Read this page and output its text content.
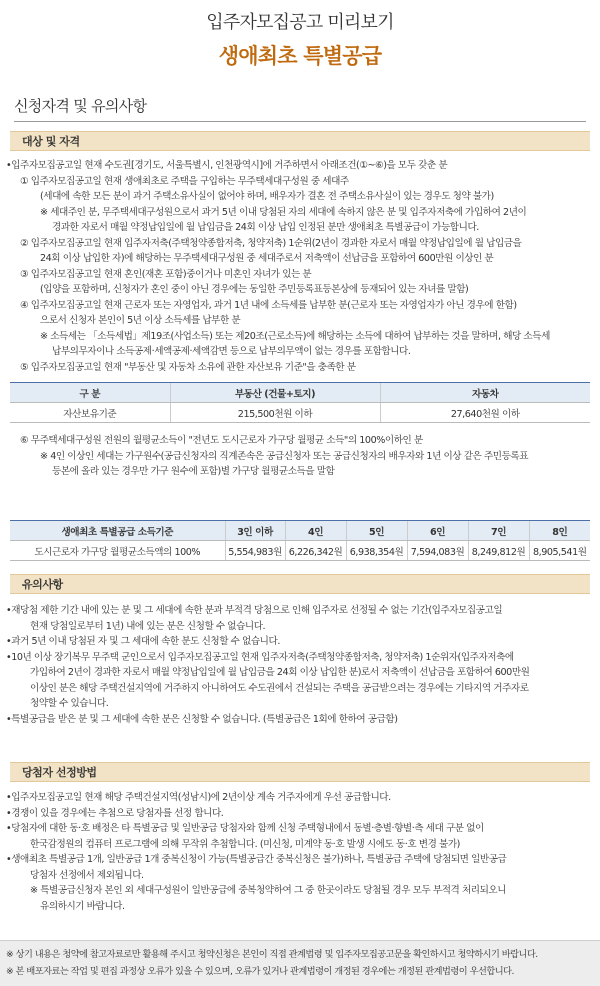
입주자모집공고 미리보기
생애최초 특별공급
신청자격 및 유의사항
대상 및 자격
•입주자모집공고일 현재 수도권[경기도, 서울특별시, 인천광역시]에 거주하면서 아래조건(①~⑥)을 모두 갖춘 분
① 입주자모집공고일 현재 생애최초로 주택을 구입하는 무주택세대구성원 중 세대주
(세대에 속한 모든 분이 과거 주택소유사실이 없어야 하며, 배우자가 결혼 전 주택소유사실이 있는 경우도 청약 불가)
※ 세대주인 분, 무주택세대구성원으로서 과거 5년 이내 당첨된 자의 세대에 속하지 않은 분 및 입주자저축에 가입하여 2년이
경과한 자로서 매월 약정납입일에 월 납입금을 24회 이상 납입 인정된 분만 생애최초 특별공급이 가능합니다.
② 입주자모집공고일 현재 입주자저축(주택청약종합저축, 청약저축) 1순위(2년이 경과한 자로서 매월 약정납입일에 월 납입금을
24회 이상 납입한 자)에 해당하는 무주택세대구성원 중 세대주로서 저축액이 선납금을 포함하여 600만원 이상인 분
③ 입주자모집공고일 현재 혼인(재혼 포함)중이거나 미혼인 자녀가 있는 분
(입양을 포함하며, 신청자가 혼인 중이 아닌 경우에는 동일한 주민등록표등본상에 등재되어 있는 자녀를 말함)
④ 입주자모집공고일 현재 근로자 또는 자영업자, 과거 1년 내에 소득세를 납부한 분(근로자 또는 자영업자가 아닌 경우에 한함)
으로서 신청자 본인이 5년 이상 소득세를 납부한 분
※ 소득세는 「소득세법」제19조(사업소득) 또는 제20조(근로소득)에 해당하는 소득에 대하여 납부하는 것을 말하며, 해당 소득세
납부의무자이나 소득공제·세액공제·세액감면 등으로 납부의무액이 없는 경우를 포함합니다.
⑤ 입주자모집공고일 현재 "부동산 및 자동차 소유에 관한 자산보유 기준"을 충족한 분
구 분	부동산 (건물+토지)	자동차
자산보유기준	215,500천원 이하	27,640천원 이하
⑥ 무주택세대구성원 전원의 월평균소득이 "전년도 도시근로자 가구당 월평균 소득"의 100%이하인 분
※ 4인 이상인 세대는 가구원수(공급신청자의 직계존속은 공급신청자 또는 공급신청자의 배우자와 1년 이상 같은 주민등록표
등본에 올라 있는 경우만 가구 원수에 포함)별 가구당 월평균소득을 말함
생애최초 특별공급 소득기준	3인 이하	4인	5인	6인	7인	8인
도시근로자 가구당 월평균소득액의 100%	5,554,983원	6,226,342원	6,938,354원	7,594,083원	8,249,812원	8,905,541원
유의사항
•재당첨 제한 기간 내에 있는 분 및 그 세대에 속한 분과 부적격 당첨으로 인해 입주자로 선정될 수 없는 기간(입주자모집공고일
현재 당첨일로부터 1년) 내에 있는 분은 신청할 수 없습니다.
•과거 5년 이내 당첨된 자 및 그 세대에 속한 분도 신청할 수 없습니다.
•10년 이상 장기복무 무주택 군인으로서 입주자모집공고일 현재 입주자저축(주택청약종합저축, 청약저축) 1순위자(입주자저축에
가입하여 2년이 경과한 자로서 매월 약정납입일에 월 납입금을 24회 이상 납입한 분)로서 저축액이 선납금을 포함하여 600만원
이상인 분은 해당 주택건설지역에 거주하지 아니하여도 수도권에서 건설되는 주택을 공급받으려는 경우에는 기타지역 거주자로
청약할 수 있습니다.
•특별공급을 받은 분 및 그 세대에 속한 분은 신청할 수 없습니다. (특별공급은 1회에 한하여 공급함)
당첨자 선정방법
•입주자모집공고일 현재 해당 주택건설지역(성남시)에 2년이상 계속 거주자에게 우선 공급합니다.
•경쟁이 있을 경우에는 추첨으로 당첨자를 선정 합니다.
•당첨자에 대한 동·호 배정은 타 특별공급 및 일반공급 당첨자와 함께 신청 주택형내에서 동별·층별·향별·측 세대 구분 없이
한국감정원의 컴퓨터 프로그램에 의해 무작위 추첨합니다. (미신청, 미계약 동·호 발생 시에도 동·호 변경 불가)
•생애최초 특별공급 1개, 일반공급 1개 중복신청이 가능(특별공급간 중복신청은 불가)하나, 특별공급 주택에 당첨되면 일반공급
당첨자 선정에서 제외됩니다.
※ 특별공급신청자 본인 외 세대구성원이 일반공급에 중복청약하여 그 중 한곳이라도 당첨될 경우 모두 부적격 처리되오니
유의하시기 바랍니다.
※ 상기 내용은 청약에 참고자료로만 활용해 주시고 청약신청은 본인이 직접 관계법령 및 입주자모집공고문을 확인하시고 청약하시기 바랍니다.
※ 본 배포자료는 작업 및 편집 과정상 오류가 있을 수 있으며, 오류가 있거나 관계법령이 개정된 경우에는 개정된 관계법령이 우선합니다.
